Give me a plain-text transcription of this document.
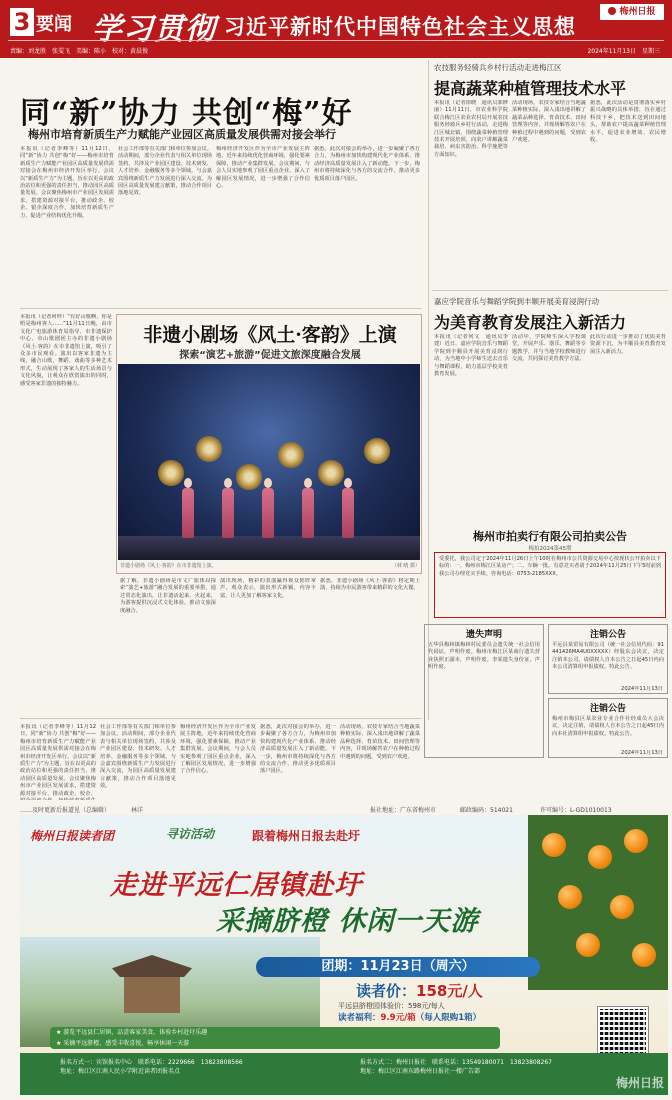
3 要闻 学习贯彻 习近平新时代中国特色社会主义思想
梅州日报
责编：刘龙胜　张雯飞　美编：陈小　校对：黄晨俊	2024年11月13日　星期三
同“新”协力 共创“梅”好
梅州市培育新质生产力赋能产业园区高质量发展供需对接会举行
本报讯（记者李峰等）11月12日，同“新”协力 共创“梅”好——梅州市培育新质生产力赋能产业园区高质量发展供需对接会在梅州市经济开发区举行。会议以“新质生产力”为主题，旨在以更高的政治站位和更强的责任担当，推动园区高质量发展。会议聚焦梅州市产业园区发展需求，搭建资源对接平台，推动政企、校企、银企深度合作，加快培育新质生产力，促进产业结构优化升级。
社会工作部等有关部门和单位参加会议。活动期间，部分企业代表与相关单位现场签约，共涉及产业园区建设、技术研发、人才培养、金融服务等多个领域。与会嘉宾围绕新质生产力发展进行深入交流，为园区高质量发展建言献策，推动合作项目落地见效。
梅州经济开发区作为全市产业发展主阵地，近年来持续优化营商环境，强化要素保障，推动产业集群发展。会议期间，与会人员实地参观了园区重点企业，深入了解园区发展情况，进一步增强了合作信心。
据悉，此次对接会的举办，进一步凝聚了各方合力，为梅州市加快构建现代化产业体系、推动经济高质量发展注入了新动能。下一步，梅州市将持续深化与各方的交流合作，推动更多优质项目落户园区。
农技服务轻骑兵乡村行活动走进梅江区
提高蔬菜种植管理技术水平
本报讯（记者徐晓　通讯员郭修丽）11月11日，市农业科学院联合梅江区农业农村局开展农技服务轻骑兵乡村行活动，走进梅江区城北镇，围绕蔬菜种植管理技术开展培训，向农户讲解蔬菜栽培、病虫害防治、科学施肥等方面知识。
活动现场，农技专家结合当地蔬菜种植实际，深入浅出地讲解了蔬菜品种选择、育苗技术、田间管理等内容，并现场解答农户在种植过程中遇到的问题，受到农户欢迎。
据悉，此次活动是贯彻落实乡村振兴战略的具体举措，旨在通过科技下乡，把技术送到田间地头，帮助农户提高蔬菜种植管理水平，促进农业增效、农民增收。
嘉应学院音乐与舞蹈学院到丰顺开展美育浸润行动
为美育教育发展注入新活力
本报讯（记者何文　通讯员李建）近日，嘉应学院音乐与舞蹈学院到丰顺县开展美育浸润行动，为当地中小学师生送去音乐与舞蹈课程，助力基层学校美育教育发展。
活动中，学院师生深入学校课堂，开展声乐、器乐、舞蹈等专题教学，并与当地学校教师进行交流，共同探讨美育教学方法。
此次行动进一步推动了优质美育资源下沉，为丰顺县美育教育发展注入新活力。
本报讯（记者何梓）“有好山歌啊，你是唔是梅州客人……”11月11日晚，由市文化广电旅游体育局指导、市非遗保护中心、市山歌剧团主办的非遗小剧场《风土·客韵》在市非遗馆上演，吸引了众多市民观看。演出以客家非遗为主线，融合山歌、舞蹈、戏曲等多种艺术形式，生动展现了客家人的生活场景与文化风貌，让观众在欣赏演出的同时，感受客家非遗的独特魅力。
非遗小剧场《风土·客韵》上演
探索“演艺+旅游”促进文旅深度融合发展
非遗小剧场《风土·客韵》在市非遗馆上演。	（林 晴 摄）
据了解，非遗小剧场是市文广旅体局探索“演艺+旅游”融合发展的重要举措，通过常态化演出，让非遗活起来、火起来，为游客提供沉浸式文化体验，推动文旅深度融合。
演出现场，精彩的表演赢得观众阵阵掌声。观众表示，演出形式新颖，内容丰富，让人更加了解客家文化。
据悉，非遗小剧场《风土·客韵》将定期上演，持续为市民游客带来精彩的文化大餐。
本报讯（记者李峰等）11月12日，同“新”协力 共创“梅”好——梅州市培育新质生产力赋能产业园区高质量发展供需对接会在梅州市经济开发区举行。会议以“新质生产力”为主题，旨在以更高的政治站位和更强的责任担当，推动园区高质量发展。会议聚焦梅州市产业园区发展需求，搭建资源对接平台，推动政企、校企、
社会工作部等有关部门和单位参加会议。活动期间，部分企业代表与相关单位现场签约，共涉及产业园区建设、技术研发、人才培养、金融服务等多个领域。与会嘉宾围绕新质生产力发展进行深入交流，为园区高质量发展建言献策，推动合作项目落地见效。
梅州经济开发区作为全市产业发展主阵地，近年来持续优化营商环境，强化要素保障，推动产业集群发展。会议期间，与会人员实地参观了园区重点企业，深入了解园区发展情况，进一步增强了合作信心。
据悉，此次对接会的举办，进一步凝聚了各方合力，为梅州市加快构建现代化产业体系、推动经济高质量发展注入了新动能。下一步，梅州市将持续深化与各方的交流合作，推动更多优质项目落户园区。
活动现场，农技专家结合当地蔬菜种植实际，深入浅出地讲解了蔬菜品种选择、育苗技术、田间管理等内容，并现场解答农户在种植过程中遇到的问题，受到农户欢迎。
梅州市拍卖行有限公司拍卖公告
梅拍2024第45期
受委托，我公司定于2024年11月26日上午10时在梅州市公共资源交易中心按现状公开拍卖以下标的：一、梅州市梅江区某房产；二、车辆一批。有意竞买者请于2024年11月25日下午5时前到我公司办理竞买手续。咨询电话：0753-2185XXX。
遗失声明
五华县梅林镇梅林村民委员会遗失统一社会信用代码证，声明作废。梅州市梅江区某商行遗失营业执照正副本，声明作废。李某遗失身份证，声明作废。
注销公告
平远县某贸易有限公司（统一社会信用代码：91441426MA4U0XXXXX）经股东会决议，决定注销本公司，请债权人自本公告之日起45日内向本公司清算组申报债权。特此公告。
2024年11月13日
注销公告
梅州市梅县区某农业专业合作社经成员大会决议，决定注销，请债权人自本公告之日起45日内向本社清算组申报债权。特此公告。
2024年11月13日
……及时更新后报道见（总编辑）　　　　林洋	报社地址：广东省梅州市	邮政编码：514021	许可编号：L-GD1010013
梅州日报读者团	寻访活动	跟着梅州日报去赴圩
走进平远仁居镇赴圩
采摘脐橙 休闲一天游
团期：11月23日（周六）
读者价：158元/人
平远县脐橙园体验价：598元/每人
读者福利：9.9元/箱（每人限购1箱）
★ 游览平远县仁居镇，品尝客家美食，体验乡村赴圩乐趣
★ 采摘平远脐橙，感受丰收喜悦，畅享休闲一天游
报名方式一：宾馆报名中心　联系电话：2229666　13823808566
地址：梅江区江南人民小学附近读者团报名点
报名方式二：梅州日报社　联系电话：13549180071　13823808267
地址：梅江区江南东路梅州日报社一楼广告部
梅州日报
